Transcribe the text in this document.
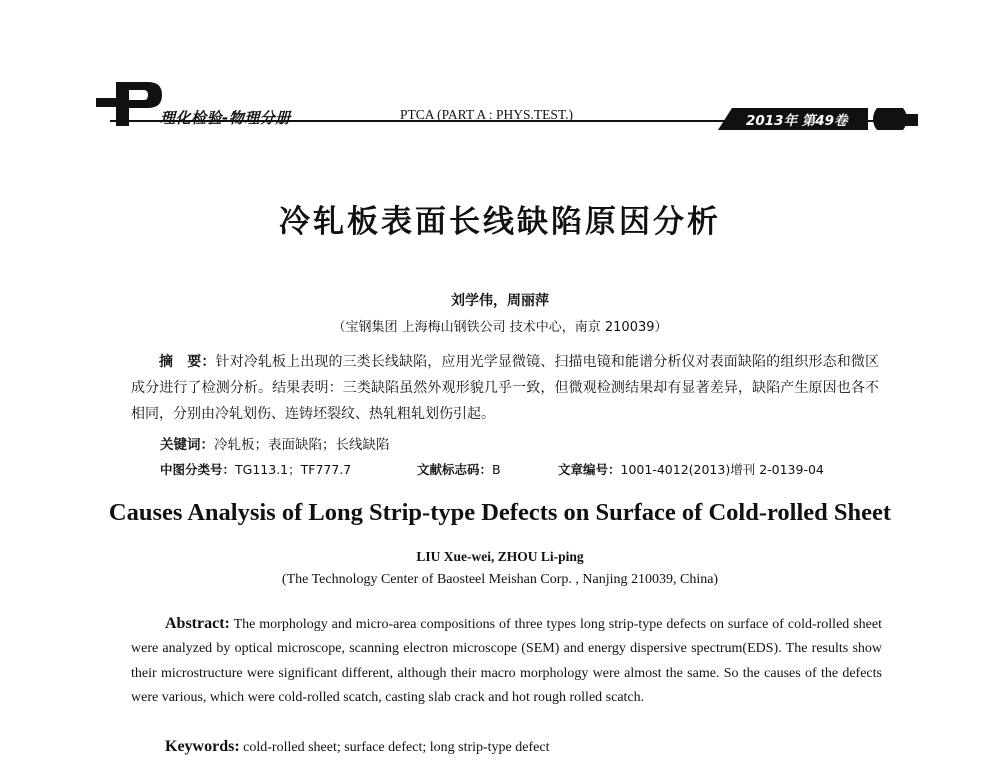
理化检验-物理分册	PTCA (PART A : PHYS.TEST.)	2013年 第49卷
冷轧板表面长线缺陷原因分析
刘学伟，周丽萍
（宝钢集团 上海梅山钢铁公司 技术中心，南京 210039）

摘　要：针对冷轧板上出现的三类长线缺陷，应用光学显微镜、扫描电镜和能谱分析仪对表面缺陷的组织形态和微区成分进行了检测分析。结果表明：三类缺陷虽然外观形貌几乎一致，但微观检测结果却有显著差异，缺陷产生原因也各不相同，分别由冷轧划伤、连铸坯裂纹、热轧粗轧划伤引起。

关键词：冷轧板；表面缺陷；长线缺陷
中图分类号：TG113.1；TF777.7	文献标志码：B	文章编号：1001-4012(2013)增刊 2-0139-04
Causes Analysis of Long Strip-type Defects on Surface of Cold-rolled Sheet
LIU Xue-wei, ZHOU Li-ping
(The Technology Center of Baosteel Meishan Corp. , Nanjing 210039, China)

Abstract: The morphology and micro-area compositions of three types long strip-type defects on surface of cold-rolled sheet were analyzed by optical microscope, scanning electron microscope (SEM) and energy dispersive spectrum(EDS). The results show their microstructure were significant different, although their macro morphology were almost the same. So the causes of the defects were various, which were cold-rolled scatch, casting slab crack and hot rough rolled scatch.

Keywords: cold-rolled sheet; surface defect; long strip-type defect
